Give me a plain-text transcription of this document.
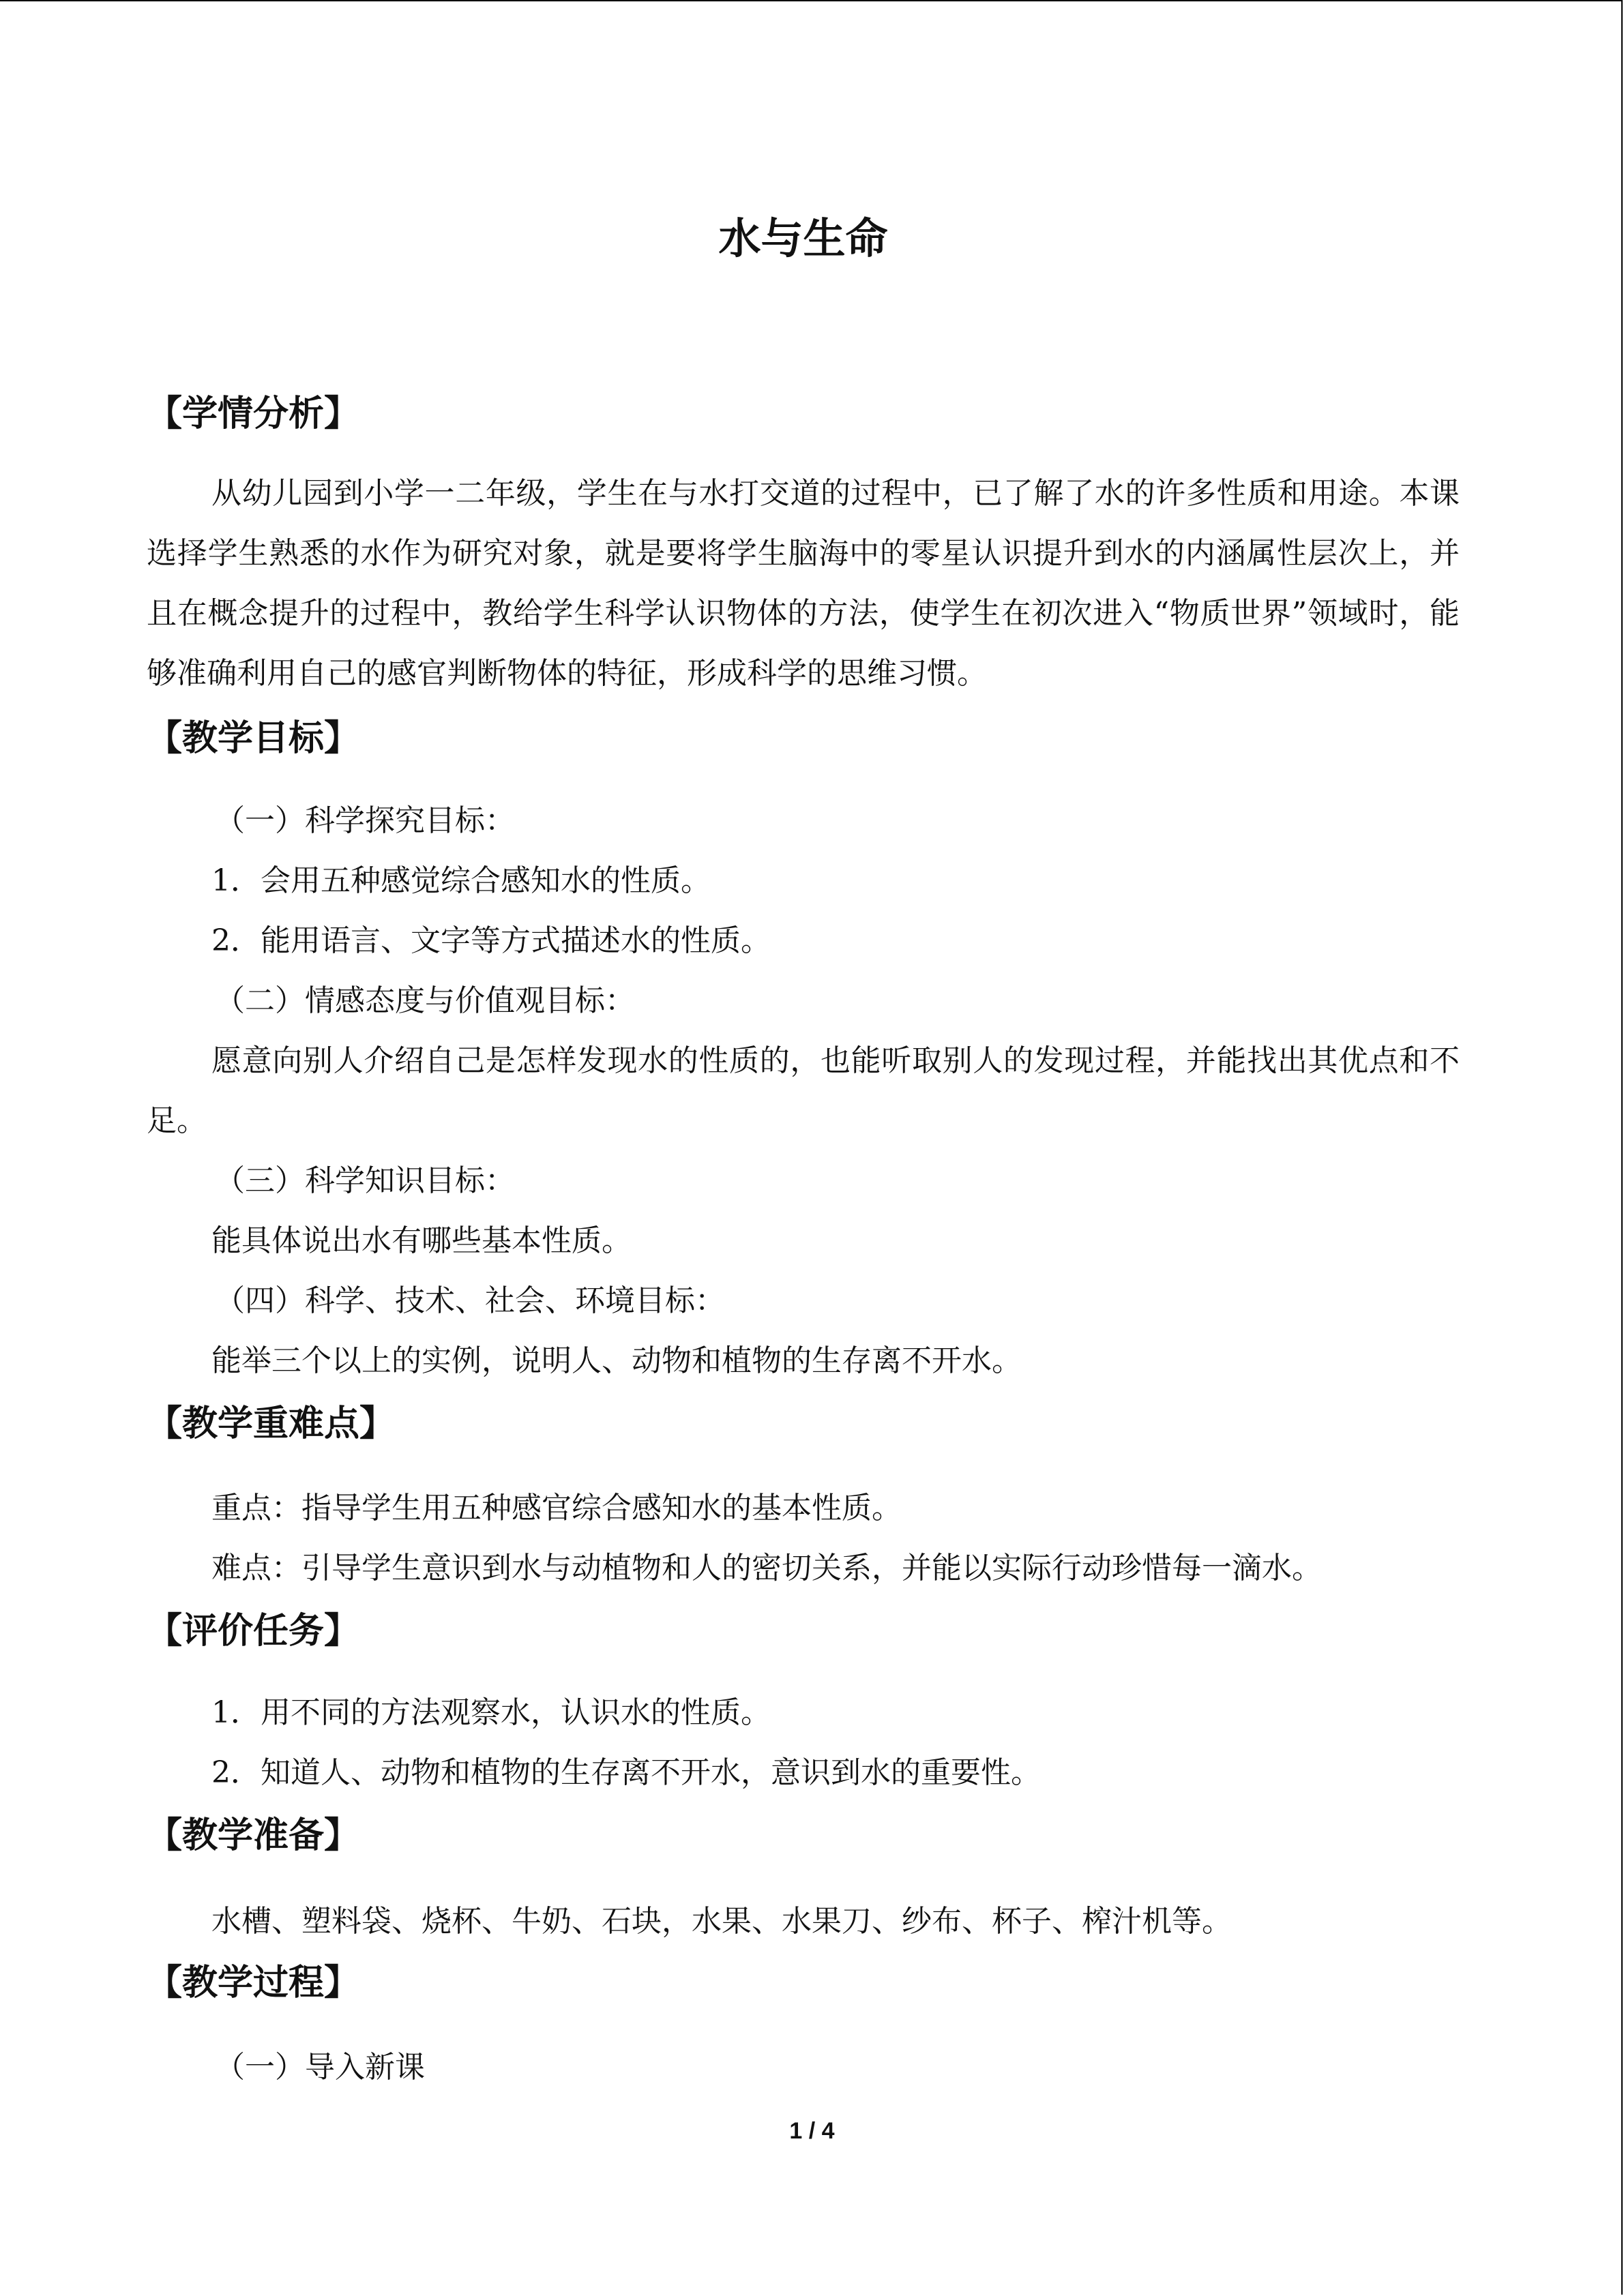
水与生命
【学情分析】
从幼儿园到小学一二年级，学生在与水打交道的过程中，已了解了水的许多性质和用途。本课选择学生熟悉的水作为研究对象，就是要将学生脑海中的零星认识提升到水的内涵属性层次上，并且在概念提升的过程中，教给学生科学认识物体的方法，使学生在初次进入“物质世界”领域时，能够准确利用自己的感官判断物体的特征，形成科学的思维习惯。
【教学目标】
（一）科学探究目标：
1．会用五种感觉综合感知水的性质。
2．能用语言、文字等方式描述水的性质。
（二）情感态度与价值观目标：
愿意向别人介绍自己是怎样发现水的性质的，也能听取别人的发现过程，并能找出其优点和不足。
（三）科学知识目标：
能具体说出水有哪些基本性质。
（四）科学、技术、社会、环境目标：
能举三个以上的实例，说明人、动物和植物的生存离不开水。
【教学重难点】
重点：指导学生用五种感官综合感知水的基本性质。
难点：引导学生意识到水与动植物和人的密切关系，并能以实际行动珍惜每一滴水。
【评价任务】
1．用不同的方法观察水，认识水的性质。
2．知道人、动物和植物的生存离不开水，意识到水的重要性。
【教学准备】
水槽、塑料袋、烧杯、牛奶、石块，水果、水果刀、纱布、杯子、榨汁机等。
【教学过程】
（一）导入新课
1 / 4
